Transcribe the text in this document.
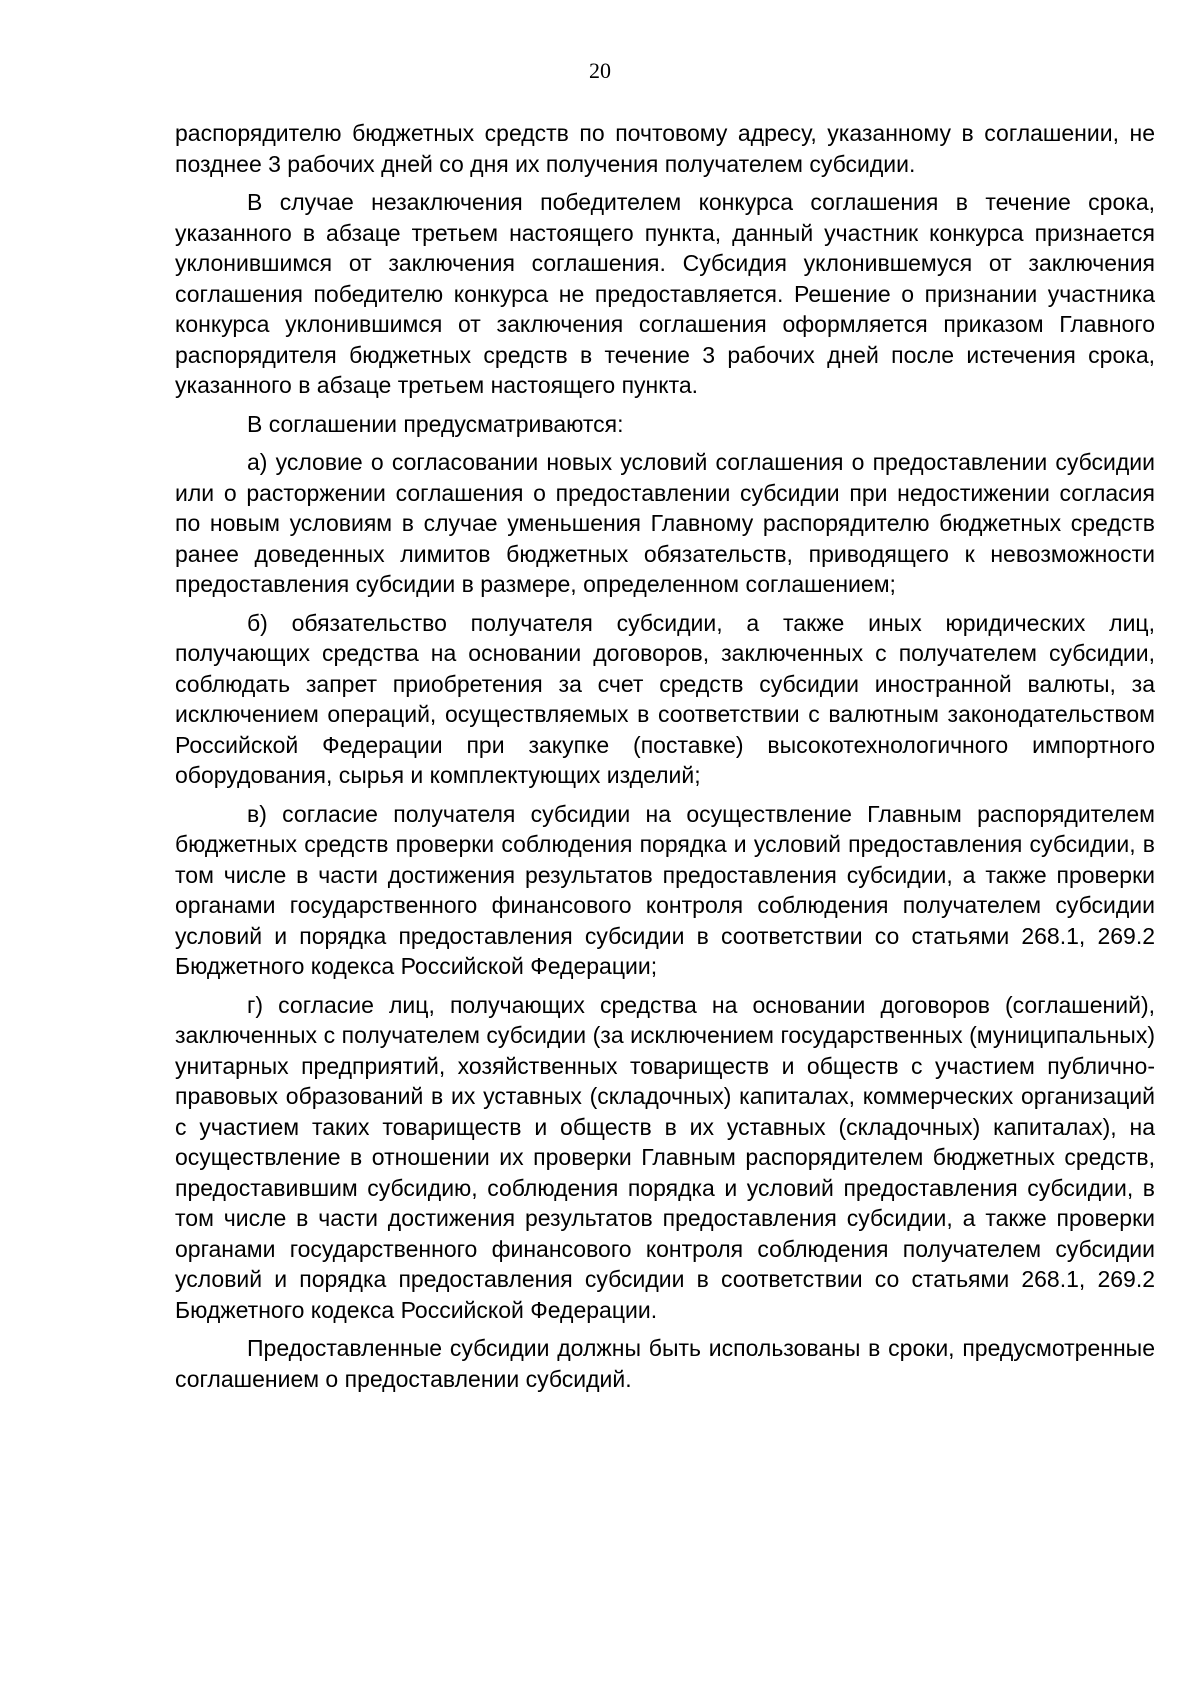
20

распорядителю бюджетных средств по почтовому адресу, указанному в соглашении, не позднее 3 рабочих дней со дня их получения получателем субсидии.

В случае незаключения победителем конкурса соглашения в течение срока, указанного в абзаце третьем настоящего пункта, данный участник конкурса признается уклонившимся от заключения соглашения. Субсидия уклонившемуся от заключения соглашения победителю конкурса не предоставляется. Решение о признании участника конкурса уклонившимся от заключения соглашения оформляется приказом Главного распорядителя бюджетных средств в течение 3 рабочих дней после истечения срока, указанного в абзаце третьем настоящего пункта.

В соглашении предусматриваются:

а) условие о согласовании новых условий соглашения о предоставлении субсидии или о расторжении соглашения о предоставлении субсидии при недостижении согласия по новым условиям в случае уменьшения Главному распорядителю бюджетных средств ранее доведенных лимитов бюджетных обязательств, приводящего к невозможности предоставления субсидии в размере, определенном соглашением;

б) обязательство получателя субсидии, а также иных юридических лиц, получающих средства на основании договоров, заключенных с получателем субсидии, соблюдать запрет приобретения за счет средств субсидии иностранной валюты, за исключением операций, осуществляемых в соответствии с валютным законодательством Российской Федерации при закупке (поставке) высокотехнологичного импортного оборудования, сырья и комплектующих изделий;

в) согласие получателя субсидии на осуществление Главным распорядителем бюджетных средств проверки соблюдения порядка и условий предоставления субсидии, в том числе в части достижения результатов предоставления субсидии, а также проверки органами государственного финансового контроля соблюдения получателем субсидии условий и порядка предоставления субсидии в соответствии со статьями 268.1, 269.2 Бюджетного кодекса Российской Федерации;

г) согласие лиц, получающих средства на основании договоров (соглашений), заключенных с получателем субсидии (за исключением государственных (муниципальных) унитарных предприятий, хозяйственных товариществ и обществ с участием публично-правовых образований в их уставных (складочных) капиталах, коммерческих организаций с участием таких товариществ и обществ в их уставных (складочных) капиталах), на осуществление в отношении их проверки Главным распорядителем бюджетных средств, предоставившим субсидию, соблюдения порядка и условий предоставления субсидии, в том числе в части достижения результатов предоставления субсидии, а также проверки органами государственного финансового контроля соблюдения получателем субсидии условий и порядка предоставления субсидии в соответствии со статьями 268.1, 269.2 Бюджетного кодекса Российской Федерации.

Предоставленные субсидии должны быть использованы в сроки, предусмотренные соглашением о предоставлении субсидий.
